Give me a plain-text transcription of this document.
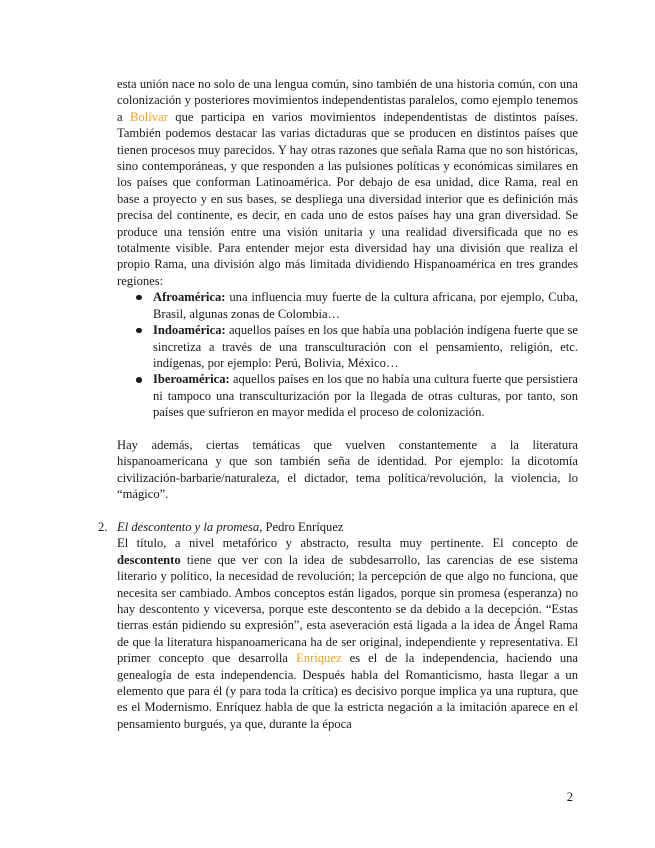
esta unión nace no solo de una lengua común, sino también de una historia común, con una colonización y posteriores movimientos independentistas paralelos, como ejemplo tenemos a Bolívar que participa en varios movimientos independentistas de distintos países. También podemos destacar las varias dictaduras que se producen en distintos países que tienen procesos muy parecidos. Y hay otras razones que señala Rama que no son históricas, sino contemporáneas, y que responden a las pulsiones políticas y económicas similares en los países que conforman Latinoamérica. Por debajo de esa unidad, dice Rama, real en base a proyecto y en sus bases, se despliega una diversidad interior que es definición más precisa del continente, es decir, en cada uno de estos países hay una gran diversidad. Se produce una tensión entre una visión unitaria y una realidad diversificada que no es totalmente visible. Para entender mejor esta diversidad hay una división que realiza el propio Rama, una división algo más limitada dividiendo Hispanoamérica en tres grandes regiones:

Afroamérica: una influencia muy fuerte de la cultura africana, por ejemplo, Cuba, Brasil, algunas zonas de Colombia…
Indoamérica: aquellos países en los que había una población indígena fuerte que se sincretiza a través de una transculturación con el pensamiento, religión, etc. indígenas, por ejemplo: Perú, Bolivia, México…
Iberoamérica: aquellos países en los que no había una cultura fuerte que persistiera ni tampoco una transculturización por la llegada de otras culturas, por tanto, son países que sufrieron en mayor medida el proceso de colonización.

Hay además, ciertas temáticas que vuelven constantemente a la literatura hispanoamericana y que son también seña de identidad. Por ejemplo: la dicotomía civilización-barbarie/naturaleza, el dictador, tema política/revolución, la violencia, lo “mágico”.

2. El descontento y la promesa, Pedro Enríquez

El título, a nivel metafórico y abstracto, resulta muy pertinente. El concepto de descontento tiene que ver con la idea de subdesarrollo, las carencias de ese sistema literario y político, la necesidad de revolución; la percepción de que algo no funciona, que necesita ser cambiado. Ambos conceptos están ligados, porque sin promesa (esperanza) no hay descontento y viceversa, porque este descontento se da debido a la decepción. “Estas tierras están pidiendo su expresión”, esta aseveración está ligada a la idea de Ángel Rama de que la literatura hispanoamericana ha de ser original, independiente y representativa. El primer concepto que desarrolla Enríquez es el de la independencia, haciendo una genealogía de esta independencia. Después habla del Romanticismo, hasta llegar a un elemento que para él (y para toda la crítica) es decisivo porque implica ya una ruptura, que es el Modernismo. Enríquez habla de que la estricta negación a la imitación aparece en el pensamiento burgués, ya que, durante la época

2
